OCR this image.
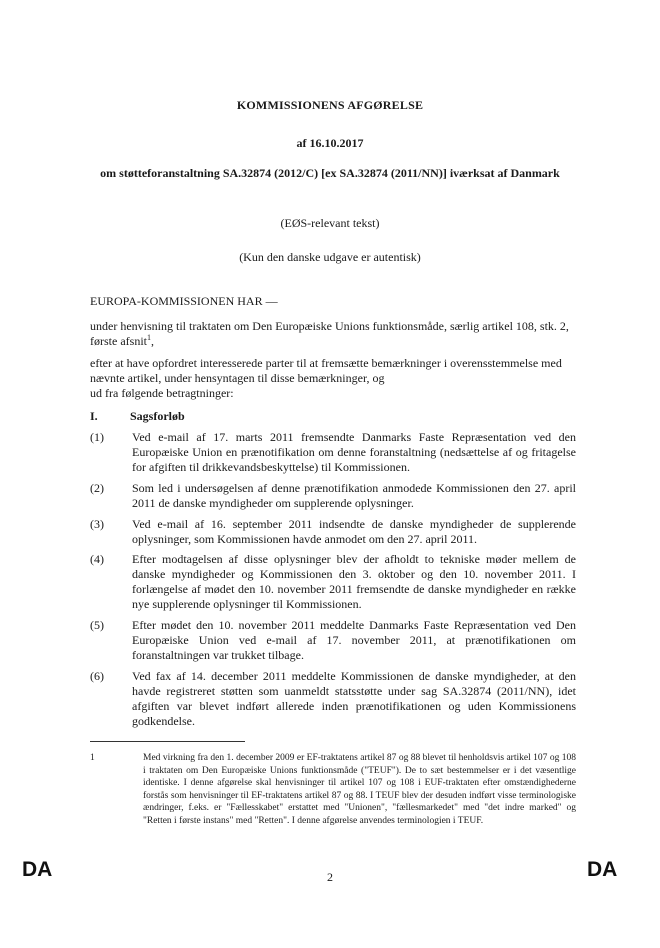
KOMMISSIONENS AFGØRELSE
af 16.10.2017
om støtteforanstaltning SA.32874 (2012/C) [ex SA.32874 (2011/NN)] iværksat af Danmark
(EØS-relevant tekst)
(Kun den danske udgave er autentisk)
EUROPA-KOMMISSIONEN HAR —
under henvisning til traktaten om Den Europæiske Unions funktionsmåde, særlig artikel 108, stk. 2, første afsnit$^1$,
efter at have opfordret interesserede parter til at fremsætte bemærkninger i overensstemmelse med nævnte artikel, under hensyntagen til disse bemærkninger, og
ud fra følgende betragtninger:
I.	Sagsforløb
(1)	Ved e-mail af 17. marts 2011 fremsendte Danmarks Faste Repræsentation ved den Europæiske Union en prænotifikation om denne foranstaltning (nedsættelse af og fritagelse for afgiften til drikkevandsbeskyttelse) til Kommissionen.
(2)	Som led i undersøgelsen af denne prænotifikation anmodede Kommissionen den 27. april 2011 de danske myndigheder om supplerende oplysninger.
(3)	Ved e-mail af 16. september 2011 indsendte de danske myndigheder de supplerende oplysninger, som Kommissionen havde anmodet om den 27. april 2011.
(4)	Efter modtagelsen af disse oplysninger blev der afholdt to tekniske møder mellem de danske myndigheder og Kommissionen den 3. oktober og den 10. november 2011. I forlængelse af mødet den 10. november 2011 fremsendte de danske myndigheder en række nye supplerende oplysninger til Kommissionen.
(5)	Efter mødet den 10. november 2011 meddelte Danmarks Faste Repræsentation ved Den Europæiske Union ved e-mail af 17. november 2011, at prænotifikationen om foranstaltningen var trukket tilbage.
(6)	Ved fax af 14. december 2011 meddelte Kommissionen de danske myndigheder, at den havde registreret støtten som uanmeldt statsstøtte under sag SA.32874 (2011/NN), idet afgiften var blevet indført allerede inden prænotifikationen og uden Kommissionens godkendelse.
1	Med virkning fra den 1. december 2009 er EF-traktatens artikel 87 og 88 blevet til henholdsvis artikel 107 og 108 i traktaten om Den Europæiske Unions funktionsmåde ("TEUF"). De to sæt bestemmelser er i det væsentlige identiske. I denne afgørelse skal henvisninger til artikel 107 og 108 i EUF-traktaten efter omstændighederne forstås som henvisninger til EF-traktatens artikel 87 og 88. I TEUF blev der desuden indført visse terminologiske ændringer, f.eks. er "Fællesskabet" erstattet med "Unionen", "fællesmarkedet" med "det indre marked" og "Retten i første instans" med "Retten". I denne afgørelse anvendes terminologien i TEUF.
DA	2	DA
